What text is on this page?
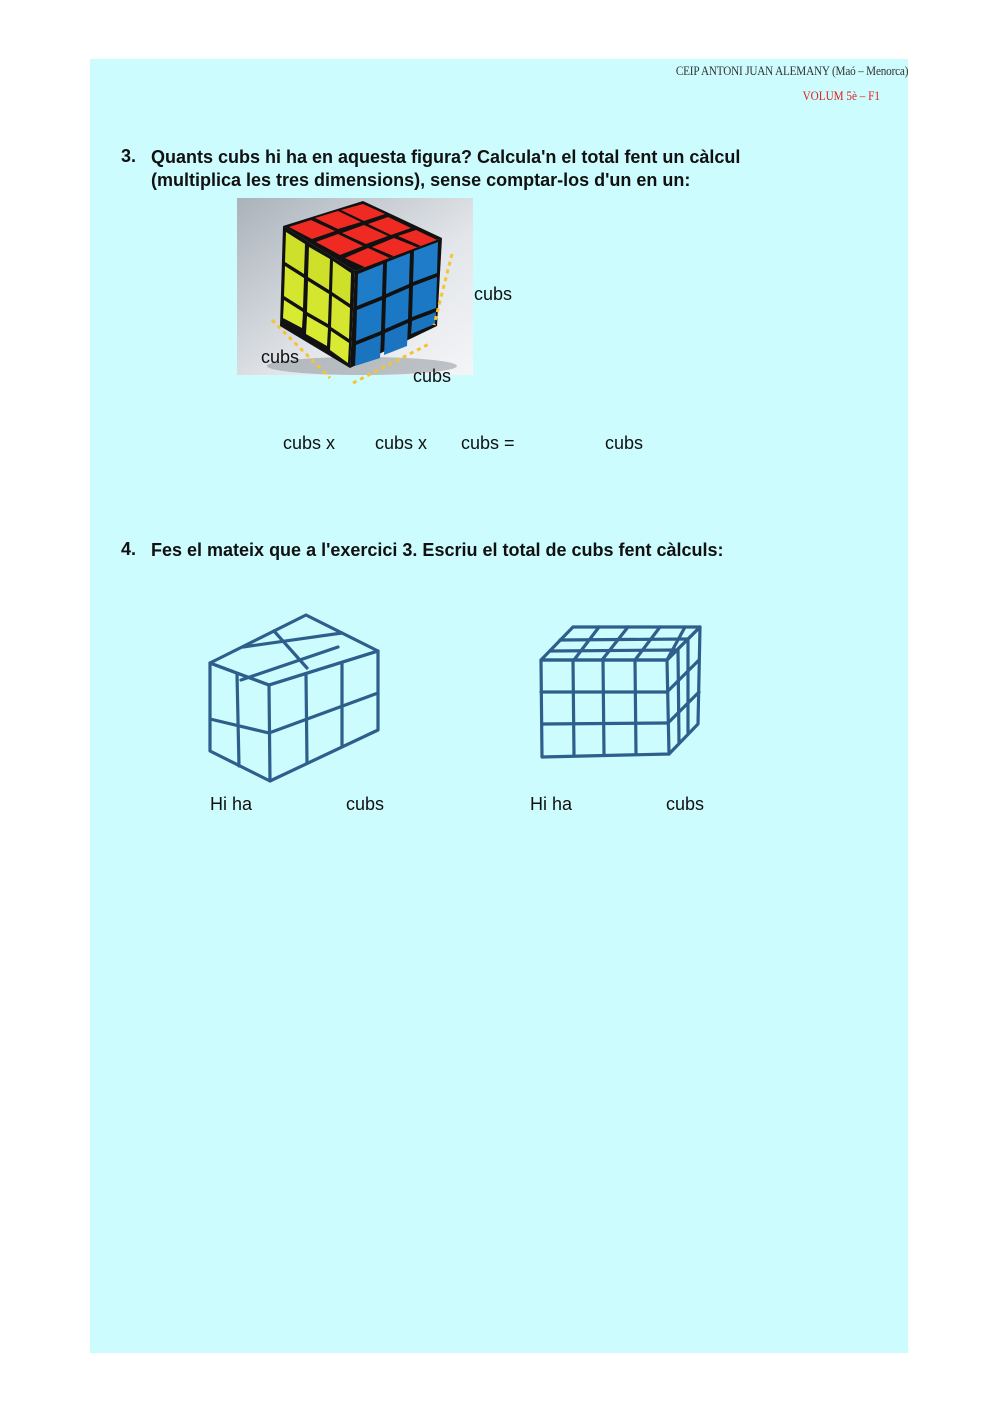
CEIP ANTONI JUAN ALEMANY (Maó – Menorca)
VOLUM 5è – F1
3. Quants cubs hi ha en aquesta figura? Calcula'n el total fent un càlcul
(multiplica les tres dimensions), sense comptar-los d'un en un:
cubs
cubs
cubs
cubs x cubs x cubs =	cubs
4. Fes el mateix que a l'exercici 3. Escriu el total de cubs fent càlculs:
Hi ha	cubs	Hi ha	cubs
